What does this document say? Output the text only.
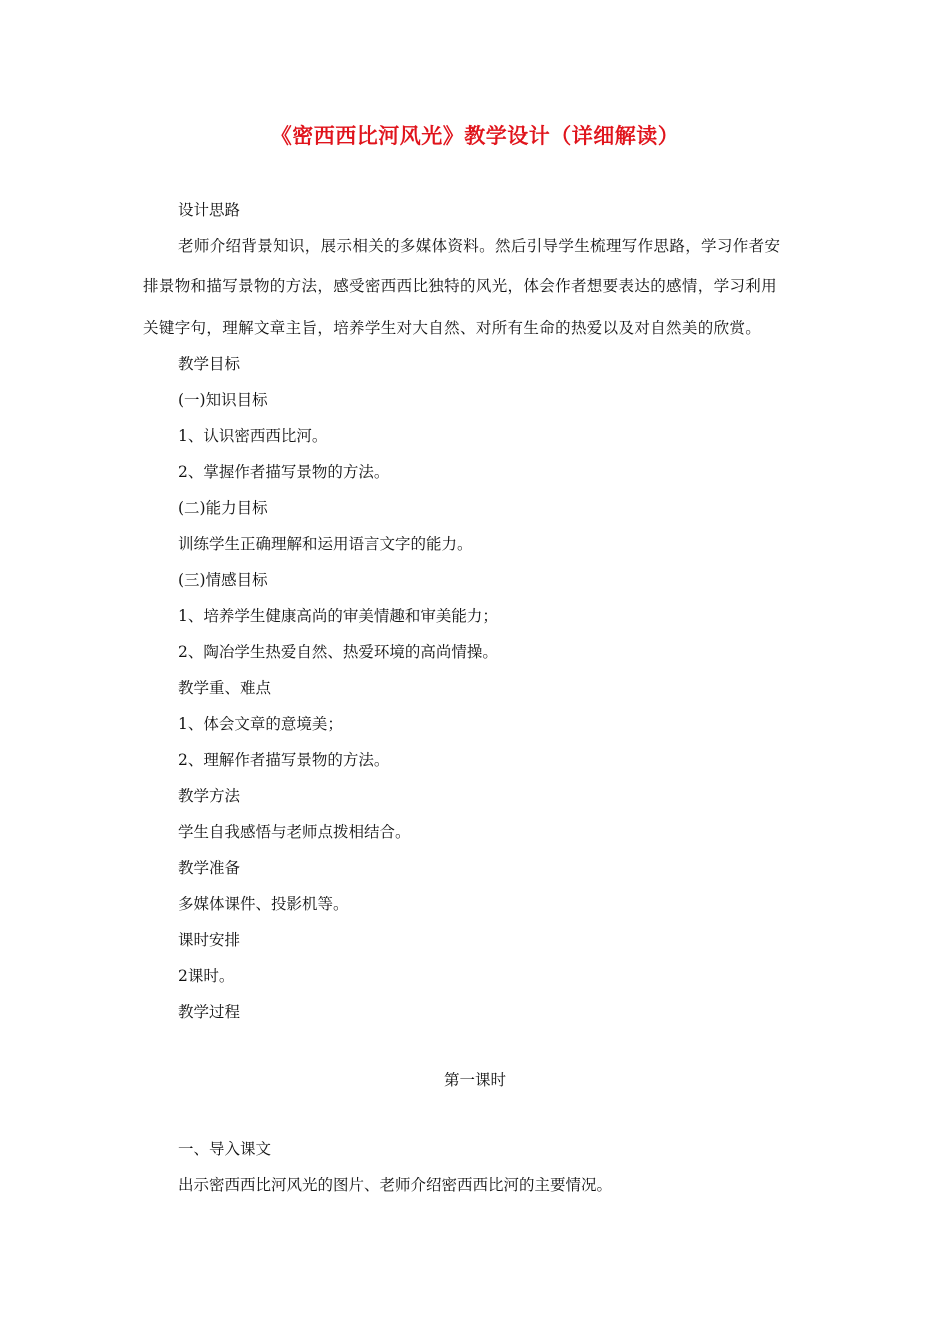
《密西西比河风光》教学设计（详细解读）
设计思路
老师介绍背景知识，展示相关的多媒体资料。然后引导学生梳理写作思路，学习作者安
排景物和描写景物的方法，感受密西西比独特的风光，体会作者想要表达的感情，学习利用
关键字句，理解文章主旨，培养学生对大自然、对所有生命的热爱以及对自然美的欣赏。
教学目标
(一)知识目标
1、认识密西西比河。
2、掌握作者描写景物的方法。
(二)能力目标
训练学生正确理解和运用语言文字的能力。
(三)情感目标
1、培养学生健康高尚的审美情趣和审美能力；
2、陶冶学生热爱自然、热爱环境的高尚情操。
教学重、难点
1、体会文章的意境美；
2、理解作者描写景物的方法。
教学方法
学生自我感悟与老师点拨相结合。
教学准备
多媒体课件、投影机等。
课时安排
2课时。
教学过程
第一课时
一、导入课文
出示密西西比河风光的图片、老师介绍密西西比河的主要情况。
